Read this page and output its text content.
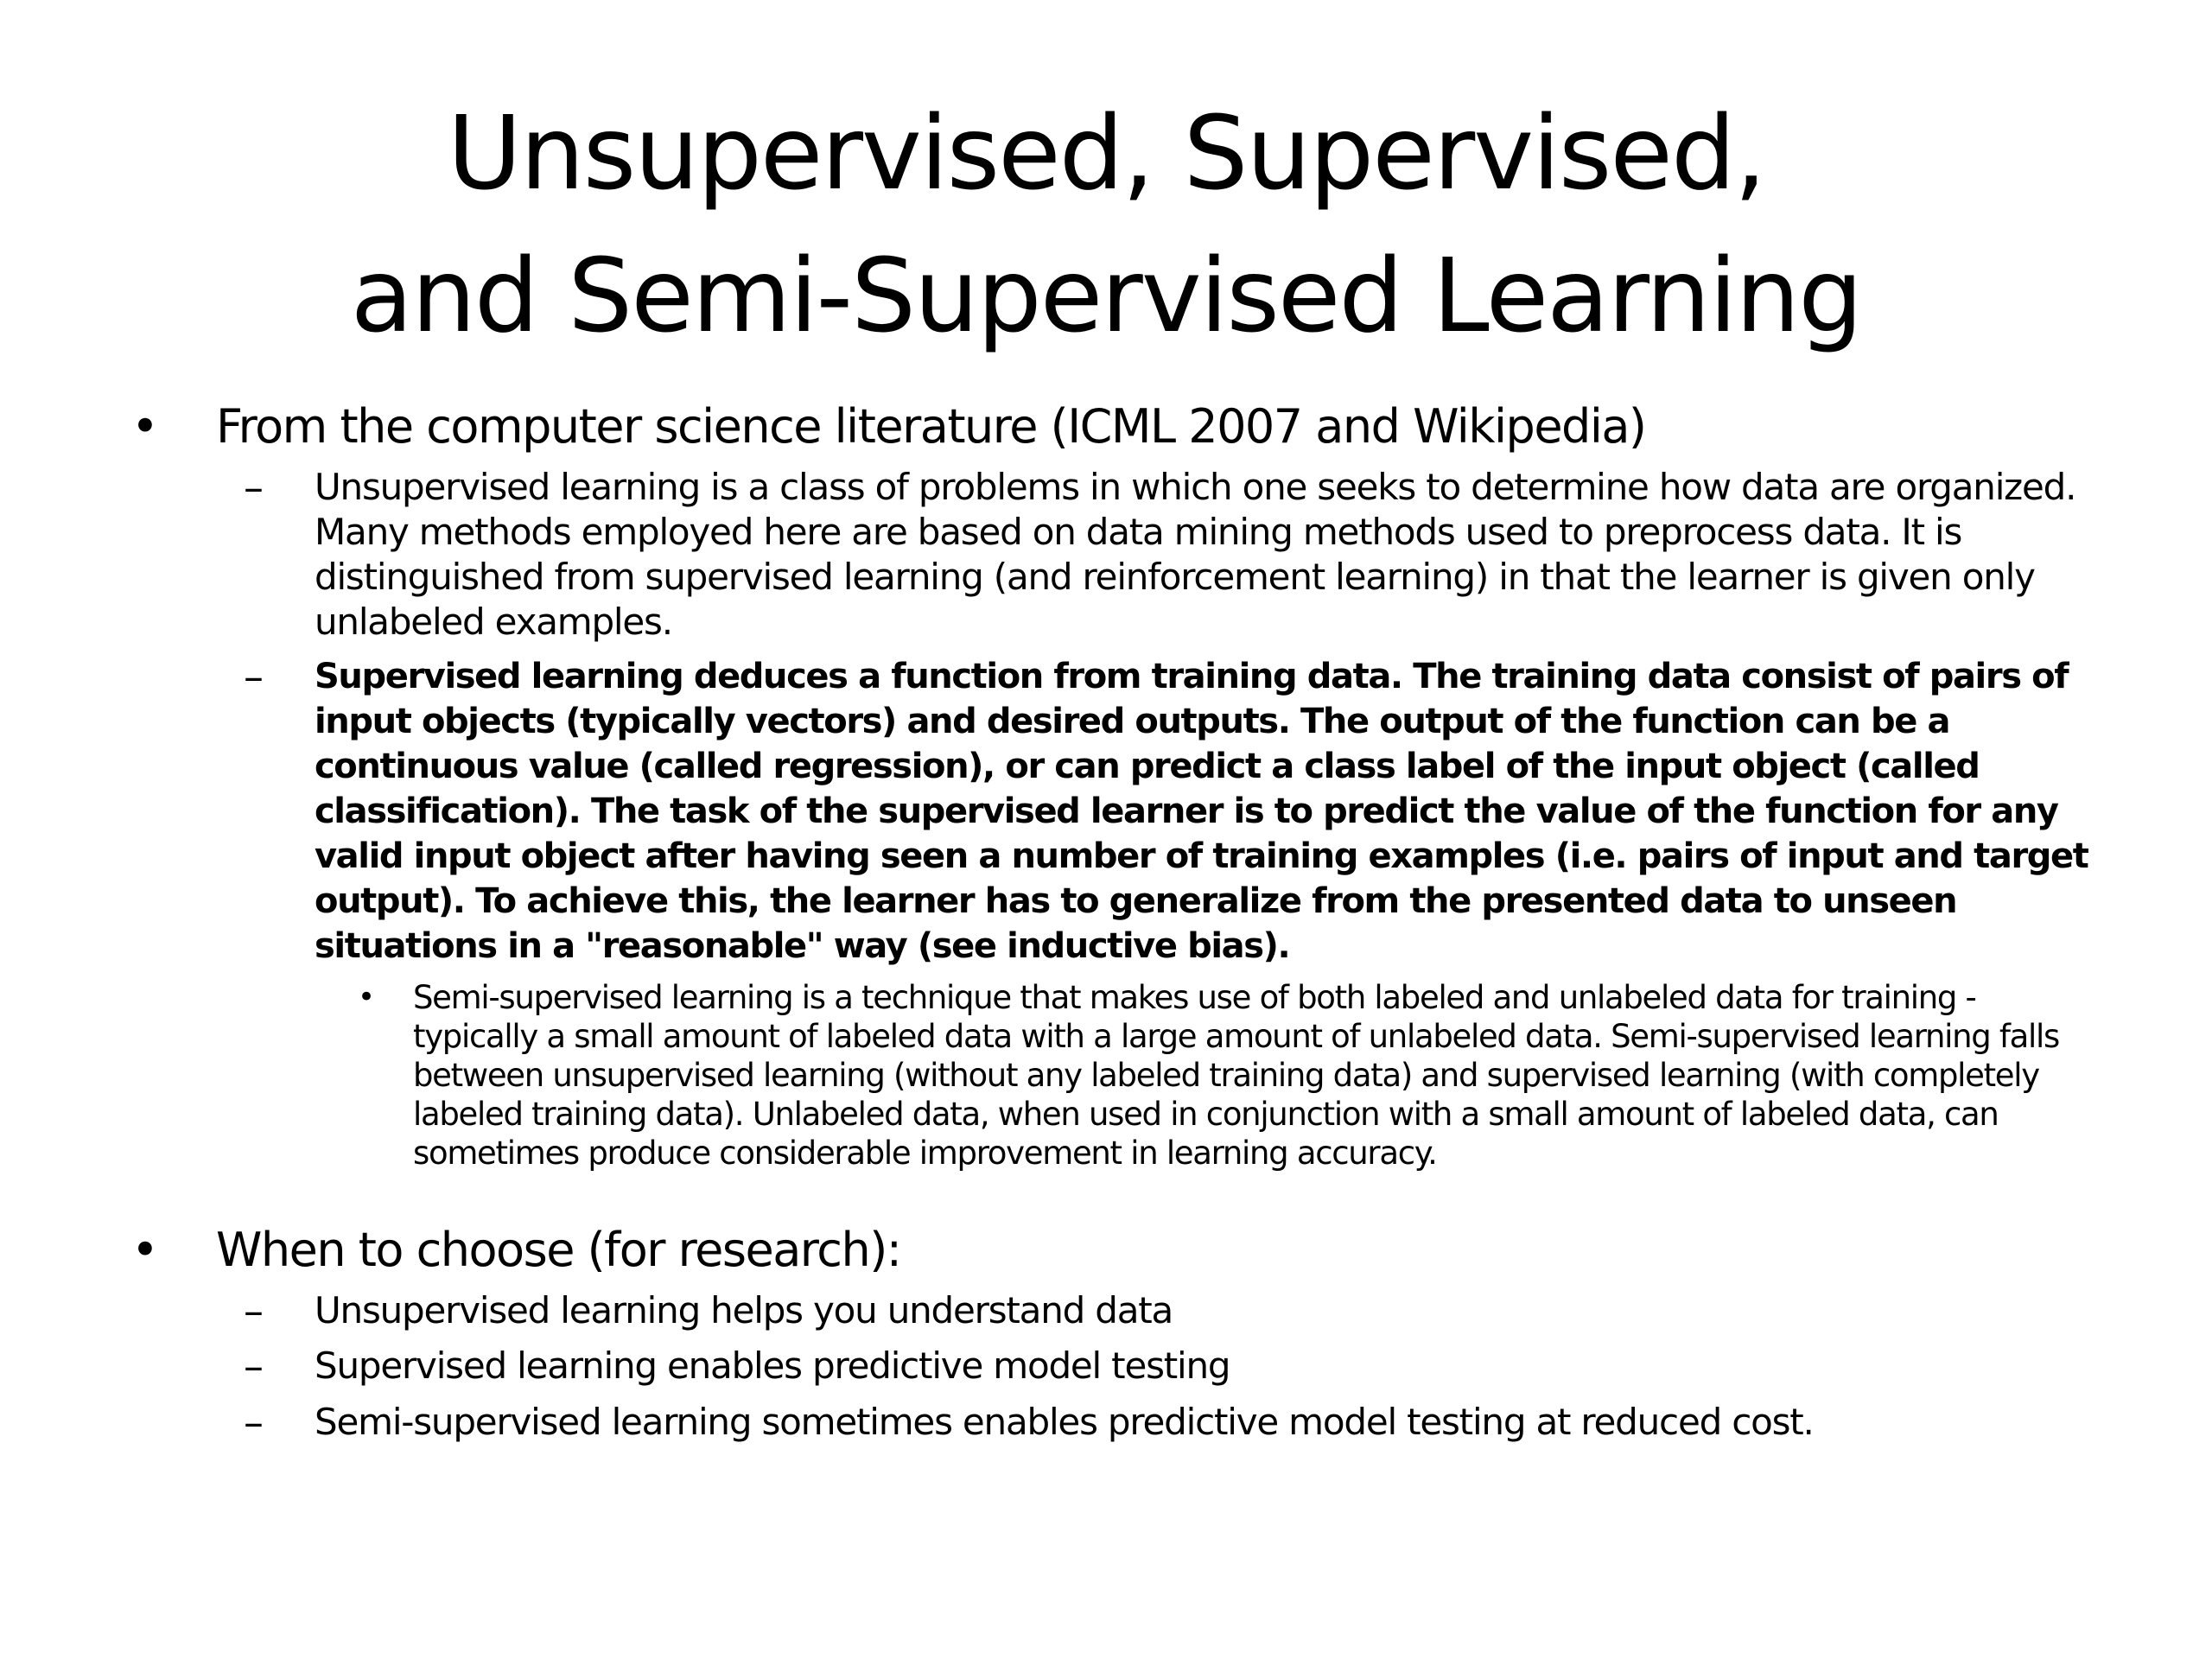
Unsupervised, Supervised,
and Semi-Supervised Learning
• From the computer science literature (ICML 2007 and Wikipedia)
– Unsupervised learning is a class of problems in which one seeks to determine how data are organized. Many methods employed here are based on data mining methods used to preprocess data. It is distinguished from supervised learning (and reinforcement learning) in that the learner is given only unlabeled examples.
– Supervised learning deduces a function from training data. The training data consist of pairs of input objects (typically vectors) and desired outputs. The output of the function can be a continuous value (called regression), or can predict a class label of the input object (called classification). The task of the supervised learner is to predict the value of the function for any valid input object after having seen a number of training examples (i.e. pairs of input and target output). To achieve this, the learner has to generalize from the presented data to unseen situations in a "reasonable" way (see inductive bias).
• Semi-supervised learning is a technique that makes use of both labeled and unlabeled data for training - typically a small amount of labeled data with a large amount of unlabeled data. Semi-supervised learning falls between unsupervised learning (without any labeled training data) and supervised learning (with completely labeled training data). Unlabeled data, when used in conjunction with a small amount of labeled data, can sometimes produce considerable improvement in learning accuracy.
• When to choose (for research):
– Unsupervised learning helps you understand data
– Supervised learning enables predictive model testing
– Semi-supervised learning sometimes enables predictive model testing at reduced cost.
